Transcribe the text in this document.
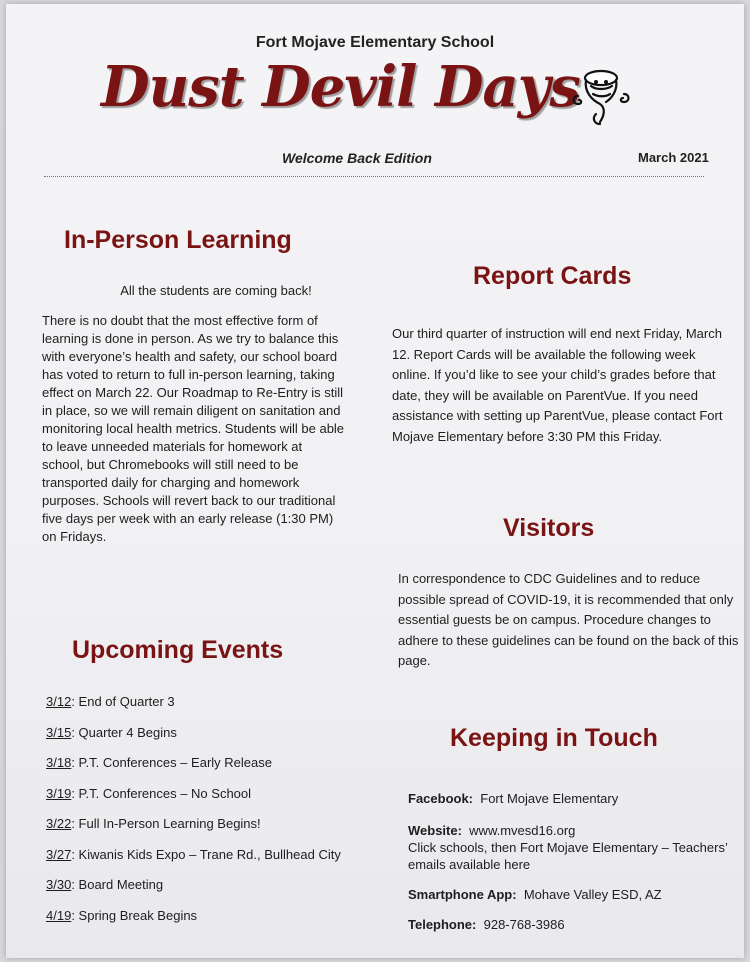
Fort Mojave Elementary School
Dust Devil Days
Welcome Back Edition	March 2021
In-Person Learning
All the students are coming back!
There is no doubt that the most effective form of learning is done in person. As we try to balance this with everyone’s health and safety, our school board has voted to return to full in-person learning, taking effect on March 22. Our Roadmap to Re-Entry is still in place, so we will remain diligent on sanitation and monitoring local health metrics. Students will be able to leave unneeded materials for homework at school, but Chromebooks will still need to be transported daily for charging and homework purposes. Schools will revert back to our traditional five days per week with an early release (1:30 PM) on Fridays.
Report Cards
Our third quarter of instruction will end next Friday, March 12. Report Cards will be available the following week online. If you’d like to see your child’s grades before that date, they will be available on ParentVue. If you need assistance with setting up ParentVue, please contact Fort Mojave Elementary before 3:30 PM this Friday.
Visitors
In correspondence to CDC Guidelines and to reduce possible spread of COVID-19, it is recommended that only essential guests be on campus. Procedure changes to adhere to these guidelines can be found on the back of this page.
Upcoming Events
3/12: End of Quarter 3
3/15: Quarter 4 Begins
3/18: P.T. Conferences – Early Release
3/19: P.T. Conferences – No School
3/22: Full In-Person Learning Begins!
3/27: Kiwanis Kids Expo – Trane Rd., Bullhead City
3/30: Board Meeting
4/19: Spring Break Begins
Keeping in Touch
Facebook: Fort Mojave Elementary
Website: www.mvesd16.org
Click schools, then Fort Mojave Elementary – Teachers’ emails available here
Smartphone App: Mohave Valley ESD, AZ
Telephone: 928-768-3986
